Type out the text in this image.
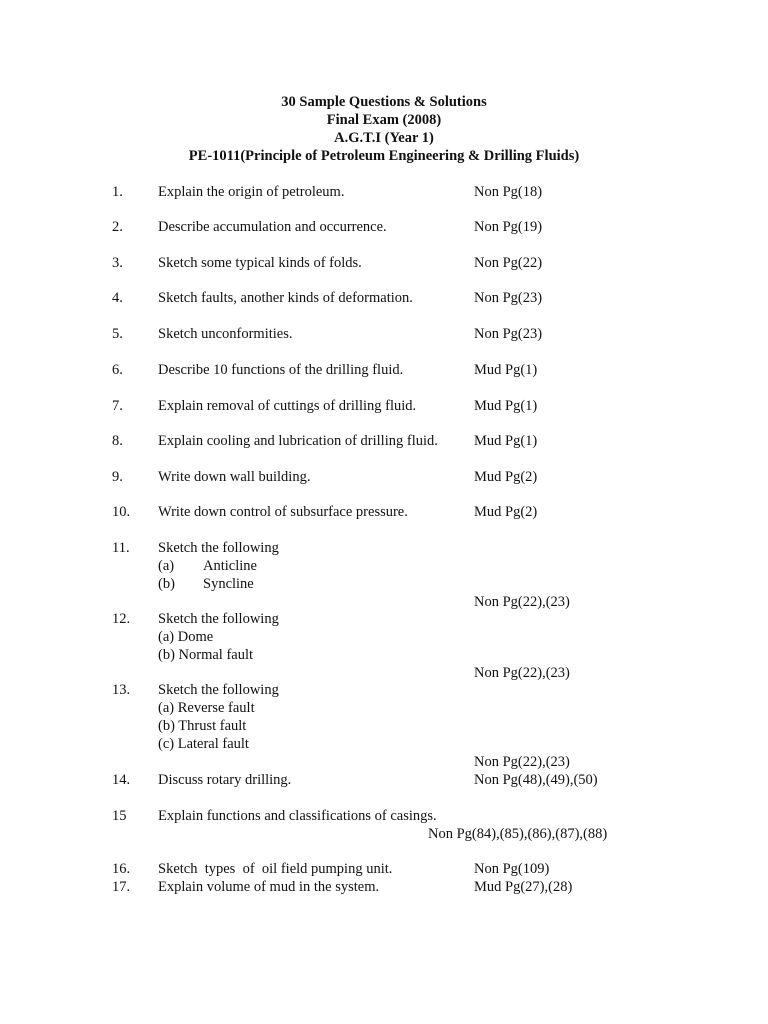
30 Sample Questions & Solutions
Final Exam (2008)
A.G.T.I (Year 1)
PE-1011(Principle of Petroleum Engineering & Drilling Fluids)
1. Explain the origin of petroleum.	Non Pg(18)
2. Describe accumulation and occurrence.	Non Pg(19)
3. Sketch some typical kinds of folds.	Non Pg(22)
4. Sketch faults, another kinds of deformation.	Non Pg(23)
5. Sketch unconformities.	Non Pg(23)
6. Describe 10 functions of the drilling fluid.	Mud Pg(1)
7. Explain removal of cuttings of drilling fluid.	Mud Pg(1)
8. Explain cooling and lubrication of drilling fluid. Mud Pg(1)
9. Write down wall building.	Mud Pg(2)
10. Write down control of subsurface pressure.	Mud Pg(2)
11. Sketch the following
(a) Anticline
(b) Syncline
Non Pg(22),(23)
12. Sketch the following
(a) Dome
(b) Normal fault
Non Pg(22),(23)
13. Sketch the following
(a) Reverse fault
(b) Thrust fault
(c) Lateral fault
Non Pg(22),(23)
14. Discuss rotary drilling.	Non Pg(48),(49),(50)
15 Explain functions and classifications of casings.
Non Pg(84),(85),(86),(87),(88)
16. Sketch  types  of  oil field pumping unit.	Non Pg(109)
17. Explain volume of mud in the system.	Mud Pg(27),(28)
